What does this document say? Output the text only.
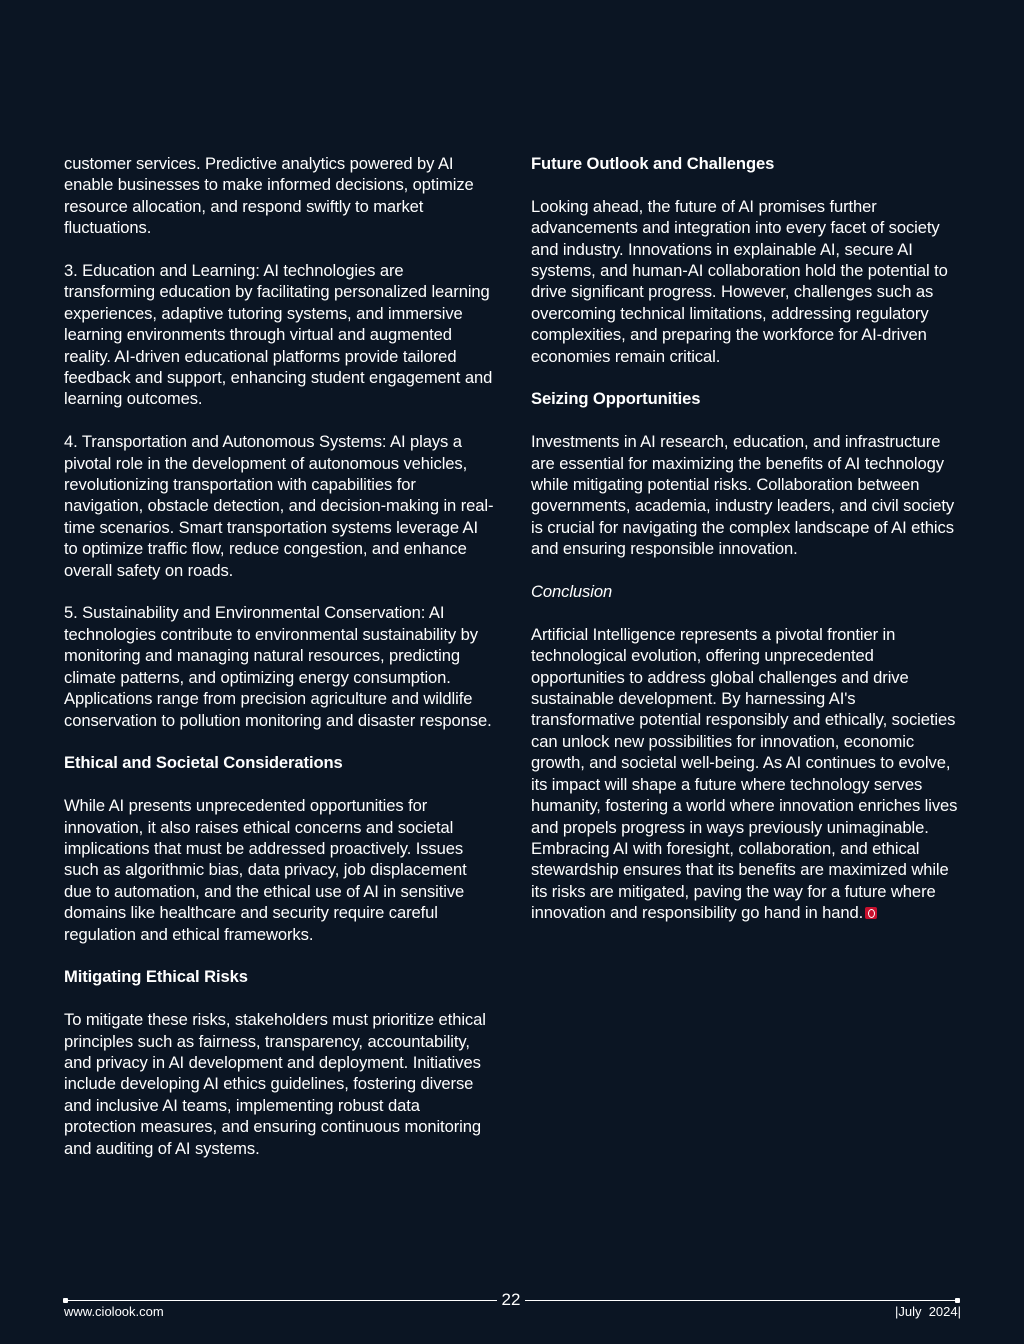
customer services. Predictive analytics powered by AI enable businesses to make informed decisions, optimize resource allocation, and respond swiftly to market fluctuations.

3. Education and Learning: AI technologies are transforming education by facilitating personalized learning experiences, adaptive tutoring systems, and immersive learning environments through virtual and augmented reality. AI-driven educational platforms provide tailored feedback and support, enhancing student engagement and learning outcomes.

4. Transportation and Autonomous Systems: AI plays a pivotal role in the development of autonomous vehicles, revolutionizing transportation with capabilities for navigation, obstacle detection, and decision-making in real-time scenarios. Smart transportation systems leverage AI to optimize traffic flow, reduce congestion, and enhance overall safety on roads.

5. Sustainability and Environmental Conservation: AI technologies contribute to environmental sustainability by monitoring and managing natural resources, predicting climate patterns, and optimizing energy consumption. Applications range from precision agriculture and wildlife conservation to pollution monitoring and disaster response.

Ethical and Societal Considerations

While AI presents unprecedented opportunities for innovation, it also raises ethical concerns and societal implications that must be addressed proactively. Issues such as algorithmic bias, data privacy, job displacement due to automation, and the ethical use of AI in sensitive domains like healthcare and security require careful regulation and ethical frameworks.

Mitigating Ethical Risks

To mitigate these risks, stakeholders must prioritize ethical principles such as fairness, transparency, accountability, and privacy in AI development and deployment. Initiatives include developing AI ethics guidelines, fostering diverse and inclusive AI teams, implementing robust data protection measures, and ensuring continuous monitoring and auditing of AI systems.

Future Outlook and Challenges

Looking ahead, the future of AI promises further advancements and integration into every facet of society and industry. Innovations in explainable AI, secure AI systems, and human-AI collaboration hold the potential to drive significant progress. However, challenges such as overcoming technical limitations, addressing regulatory complexities, and preparing the workforce for AI-driven economies remain critical.

Seizing Opportunities

Investments in AI research, education, and infrastructure are essential for maximizing the benefits of AI technology while mitigating potential risks. Collaboration between governments, academia, industry leaders, and civil society is crucial for navigating the complex landscape of AI ethics and ensuring responsible innovation.

Conclusion

Artificial Intelligence represents a pivotal frontier in technological evolution, offering unprecedented opportunities to address global challenges and drive sustainable development. By harnessing AI's transformative potential responsibly and ethically, societies can unlock new possibilities for innovation, economic growth, and societal well-being. As AI continues to evolve, its impact will shape a future where technology serves humanity, fostering a world where innovation enriches lives and propels progress in ways previously unimaginable. Embracing AI with foresight, collaboration, and ethical stewardship ensures that its benefits are maximized while its risks are mitigated, paving the way for a future where innovation and responsibility go hand in hand.

22
www.ciolook.com	|July  2024|
